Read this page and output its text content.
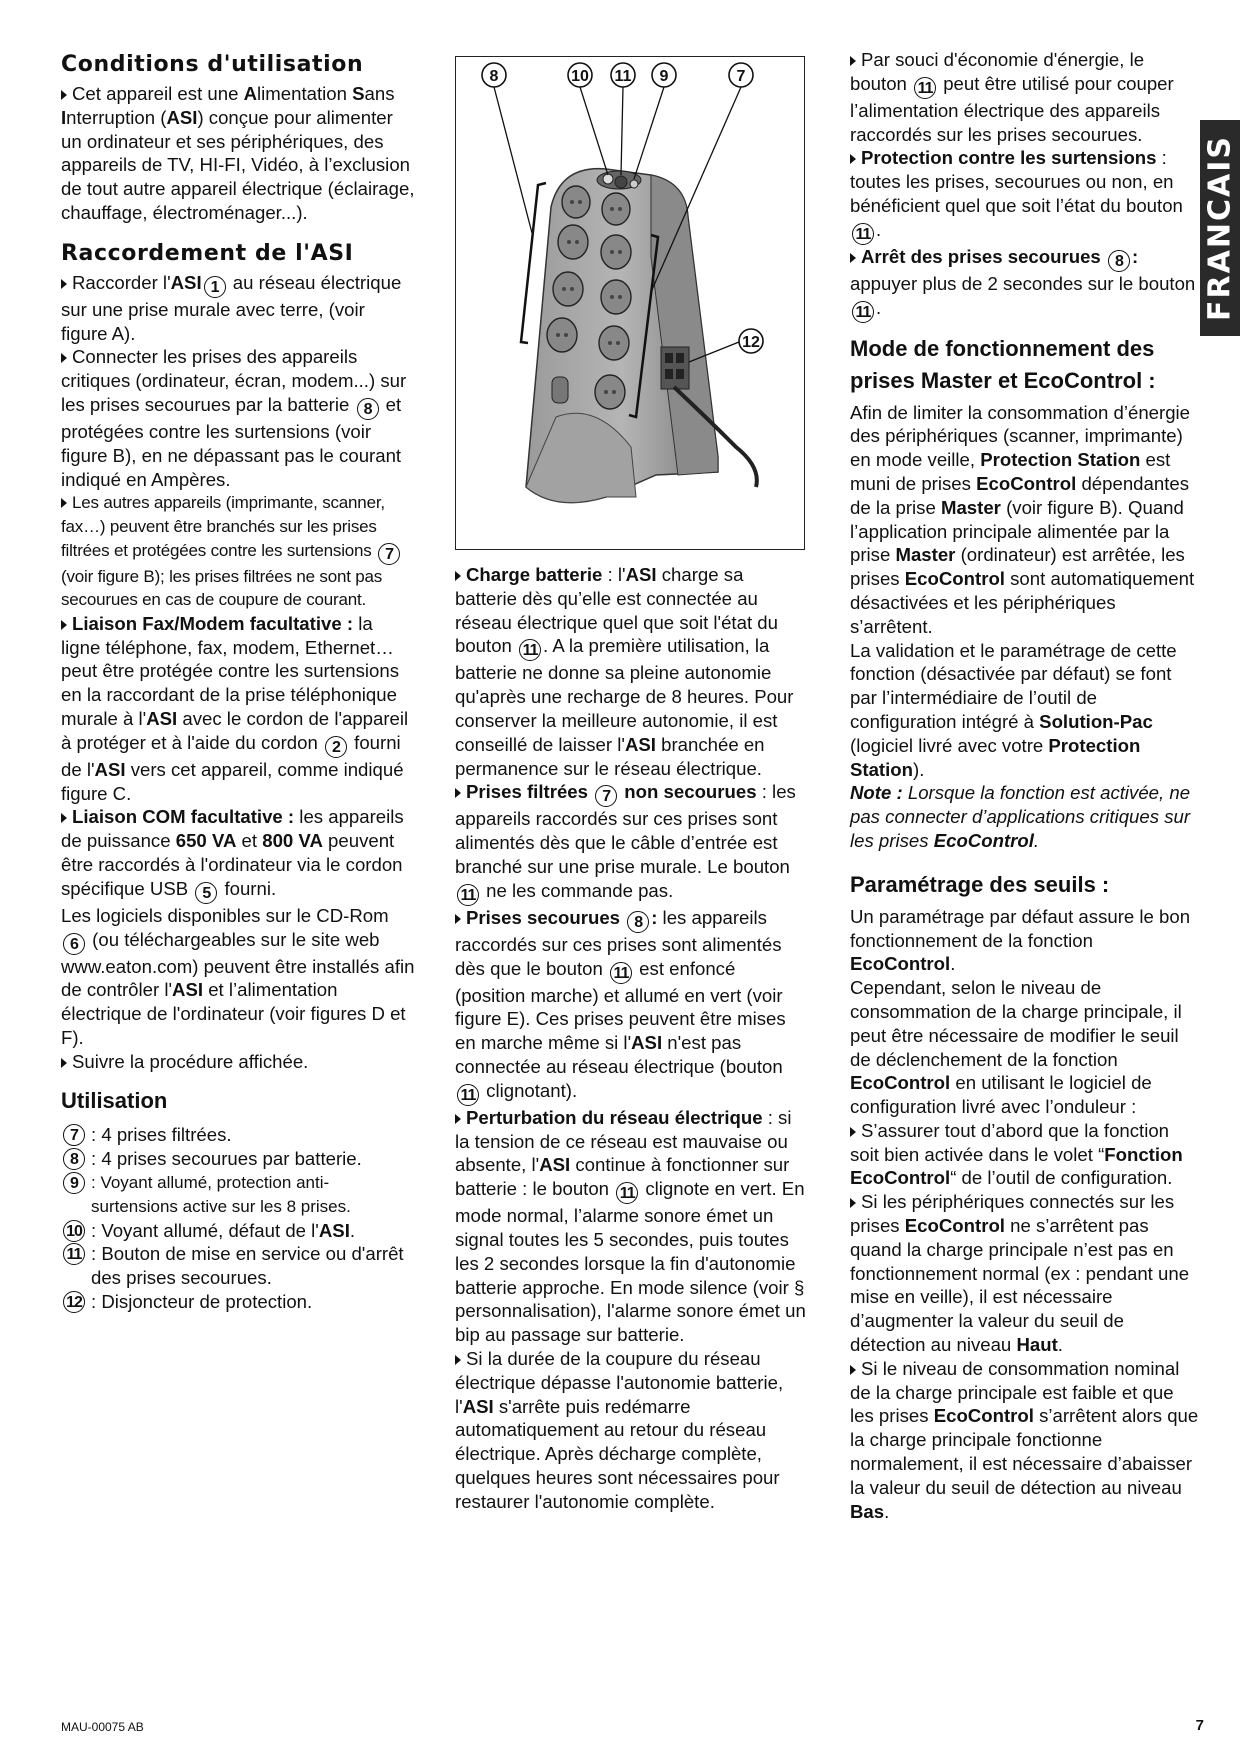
FRANCAIS
Conditions d'utilisation

Cet appareil est une Alimentation Sans Interruption (ASI) conçue pour alimenter un ordinateur et ses périphériques, des appareils de TV, HI-FI, Vidéo, à l’exclusion de tout autre appareil électrique (éclairage, chauffage, électroménager...).

Raccordement de l'ASI

Raccorder l'ASI 1 au réseau électrique sur une prise murale avec terre, (voir figure A).

Connecter les prises des appareils critiques (ordinateur, écran, modem...) sur les prises secourues par la batterie 8 et protégées contre les surtensions (voir figure B), en ne dépassant pas le courant indiqué en Ampères.

Les autres appareils (imprimante, scanner, fax…) peuvent être branchés sur les prises filtrées et protégées contre les surtensions 7 (voir figure B); les prises filtrées ne sont pas secourues en cas de coupure de courant.

Liaison Fax/Modem facultative : la ligne téléphone, fax, modem, Ethernet… peut être protégée contre les surtensions en la raccordant de la prise téléphonique murale à l'ASI avec le cordon de l'appareil à protéger et à l'aide du cordon 2 fourni de l'ASI vers cet appareil, comme indiqué figure C.

Liaison COM facultative : les appareils de puissance 650 VA et 800 VA peuvent être raccordés à l'ordinateur via le cordon spécifique USB 5 fourni.

Les logiciels disponibles sur le CD-Rom 6 (ou téléchargeables sur le site web www.eaton.com) peuvent être installés afin de contrôler l'ASI et l’alimentation électrique de l'ordinateur (voir figures D et F).

Suivre la procédure affichée.

Utilisation
7 : 4 prises filtrées.
8 : 4 prises secourues par batterie.
9 : Voyant allumé, protection anti- surtensions active sur les 8 prises.
10 : Voyant allumé, défaut de l'ASI.
11 : Bouton de mise en service ou d'arrêt des prises secourues.
12 : Disjoncteur de protection.
8	10 11 9	7
12

Charge batterie : l'ASI charge sa batterie dès qu’elle est connectée au réseau électrique quel que soit l'état du bouton 11 . A la première utilisation, la batterie ne donne sa pleine autonomie qu'après une recharge de 8 heures. Pour conserver la meilleure autonomie, il est conseillé de laisser l'ASI branchée en permanence sur le réseau électrique.

Prises filtrées 7 non secourues : les appareils raccordés sur ces prises sont alimentés dès que le câble d’entrée est branché sur une prise murale. Le bouton 11 ne les commande pas.

Prises secourues 8 : les appareils raccordés sur ces prises sont alimentés dès que le bouton 11 est enfoncé (position marche) et allumé en vert (voir figure E). Ces prises peuvent être mises en marche même si l'ASI n'est pas connectée au réseau électrique (bouton 11 clignotant).

Perturbation du réseau électrique : si la tension de ce réseau est mauvaise ou absente, l'ASI continue à fonctionner sur batterie : le bouton 11 clignote en vert. En mode normal, l’alarme sonore émet un signal toutes les 5 secondes, puis toutes les 2 secondes lorsque la fin d'autonomie batterie approche. En mode silence (voir § personnalisation), l'alarme sonore émet un bip au passage sur batterie.

Si la durée de la coupure du réseau électrique dépasse l'autonomie batterie, l'ASI s'arrête puis redémarre automatiquement au retour du réseau électrique. Après décharge complète, quelques heures sont nécessaires pour restaurer l'autonomie complète.

Par souci d'économie d'énergie, le bouton 11 peut être utilisé pour couper l’alimentation électrique des appareils raccordés sur les prises secourues.

Protection contre les surtensions : toutes les prises, secourues ou non, en bénéficient quel que soit l’état du bouton 11 .

Arrêt des prises secourues 8 : appuyer plus de 2 secondes sur le bouton 11 .

Mode de fonctionnement des prises Master et EcoControl :

Afin de limiter la consommation d’énergie des périphériques (scanner, imprimante) en mode veille, Protection Station est muni de prises EcoControl dépendantes de la prise Master (voir figure B). Quand l’application principale alimentée par la prise Master (ordinateur) est arrêtée, les prises EcoControl sont automatiquement désactivées et les périphériques s’arrêtent.

La validation et le paramétrage de cette fonction (désactivée par défaut) se font par l’intermédiaire de l’outil de configuration intégré à Solution-Pac (logiciel livré avec votre Protection Station).

Note : Lorsque la fonction est activée, ne pas connecter d’applications critiques sur les prises EcoControl.

Paramétrage des seuils :

Un paramétrage par défaut assure le bon fonctionnement de la fonction EcoControl.

Cependant, selon le niveau de consommation de la charge principale, il peut être nécessaire de modifier le seuil de déclenchement de la fonction EcoControl en utilisant le logiciel de configuration livré avec l’onduleur :

S’assurer tout d’abord que la fonction soit bien activée dans le volet “Fonction EcoControl“ de l’outil de configuration.

Si les périphériques connectés sur les prises EcoControl ne s’arrêtent pas quand la charge principale n’est pas en fonctionnement normal (ex : pendant une mise en veille), il est nécessaire d’augmenter la valeur du seuil de détection au niveau Haut.

Si le niveau de consommation nominal de la charge principale est faible et que les prises EcoControl s’arrêtent alors que la charge principale fonctionne normalement, il est nécessaire d’abaisser la valeur du seuil de détection au niveau Bas.

MAU-00075 AB	7
